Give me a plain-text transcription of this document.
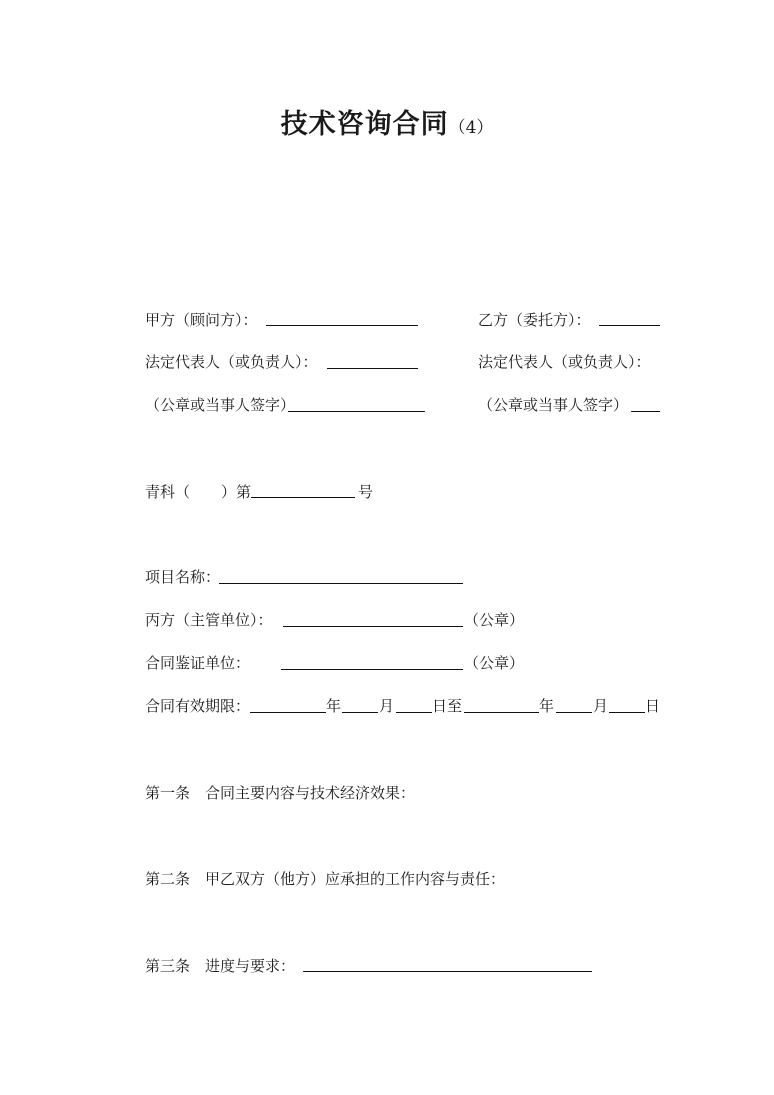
技术咨询合同（4）
甲方（顾问方）：	乙方（委托方）：
法定代表人（或负责人）：	法定代表人（或负责人）：
（公章或当事人签字）	（公章或当事人签字）
青科（ ）第	号
项目名称：
丙方（主管单位）：	（公章）
合同鉴证单位：	（公章）
合同有效期限：	年	月	日至	年	月 日
第一条　合同主要内容与技术经济效果：
第二条　甲乙双方（他方）应承担的工作内容与责任：
第三条　进度与要求：
